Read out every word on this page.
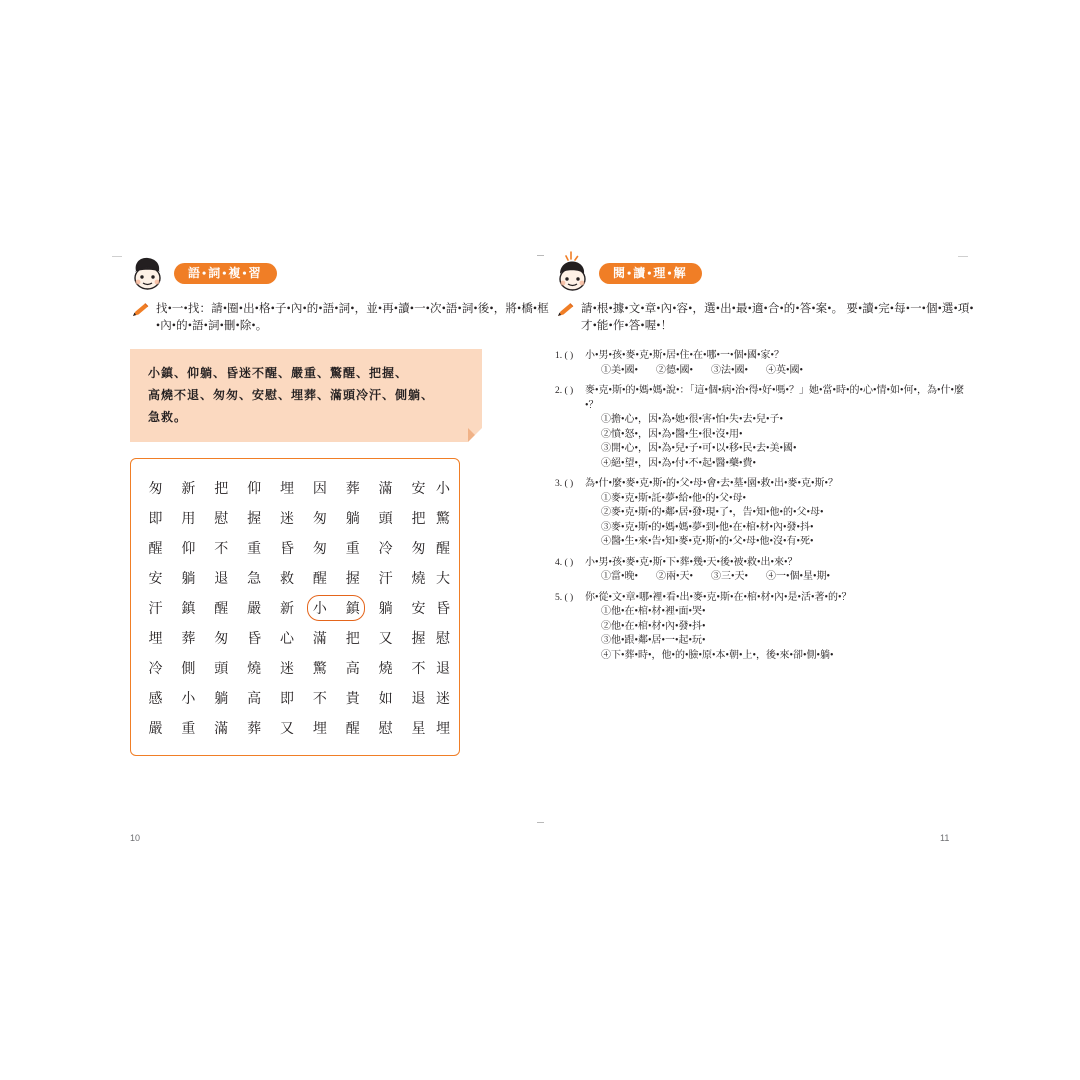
語•詞•複•習
找•一•找：請•圈•出•格•子•內•的•語•詞•，並•再•讀•一•次•語•詞•後•，將•橋•框•內•的•語•詞•刪•除•。
小鎮、仰躺、昏迷不醒、嚴重、驚醒、把握、
高燒不退、匆匆、安慰、埋葬、滿頭冷汗、側躺、
急救。
匆	新	把	仰	埋	因	葬	滿	安	小
即	用	慰	握	迷	匆	躺	頭	把	驚
醒	仰	不	重	昏	匆	重	冷	匆	醒
安	躺	退	急	救	醒	握	汗	燒	大
汗	鎮	醒	嚴	新	小	鎮	躺	安	昏
埋	葬	匆	昏	心	滿	把	又	握	慰
冷	側	頭	燒	迷	驚	高	燒	不	退
感	小	躺	高	即	不	貴	如	退	迷
嚴	重	滿	葬	又	埋	醒	慰	星	埋
閱•讀•理•解
請•根•據•文•章•內•容•，選•出•最•適•合•的•答•案•。 要•讀•完•每•一•個•選•項•才•能•作•答•喔•！
1. ( )	小•男•孩•麥•克•斯•居•住•在•哪•一•個•國•家•？
①美•國• ②德•國• ③法•國• ④英•國•
2. ( )	麥•克•斯•的•媽•媽•說•：「這•個•病•治•得•好•嗎•？」她•當•時•的•心•情•如•何•，為•什•麼•？
①擔•心•，因•為•她•很•害•怕•失•去•兒•子•
②憤•怒•，因•為•醫•生•很•沒•用•
③開•心•，因•為•兒•子•可•以•移•民•去•美•國•
④絕•望•，因•為•付•不•起•醫•藥•費•
3. ( )	為•什•麼•麥•克•斯•的•父•母•會•去•墓•園•救•出•麥•克•斯•？
①麥•克•斯•託•夢•給•他•的•父•母•
②麥•克•斯•的•鄰•居•發•現•了•，告•知•他•的•父•母•
③麥•克•斯•的•媽•媽•夢•到•他•在•棺•材•內•發•抖•
④醫•生•來•告•知•麥•克•斯•的•父•母•他•沒•有•死•
4. ( )	小•男•孩•麥•克•斯•下•葬•幾•天•後•被•救•出•來•？
①當•晚• ②兩•天• ③三•天• ④一•個•星•期•
5. ( )	你•從•文•章•哪•裡•看•出•麥•克•斯•在•棺•材•內•是•活•著•的•？
①他•在•棺•材•裡•面•哭•
②他•在•棺•材•內•發•抖•
③他•跟•鄰•居•一•起•玩•
④下•葬•時•，他•的•臉•原•本•朝•上•，後•來•卻•側•躺•
10	11
